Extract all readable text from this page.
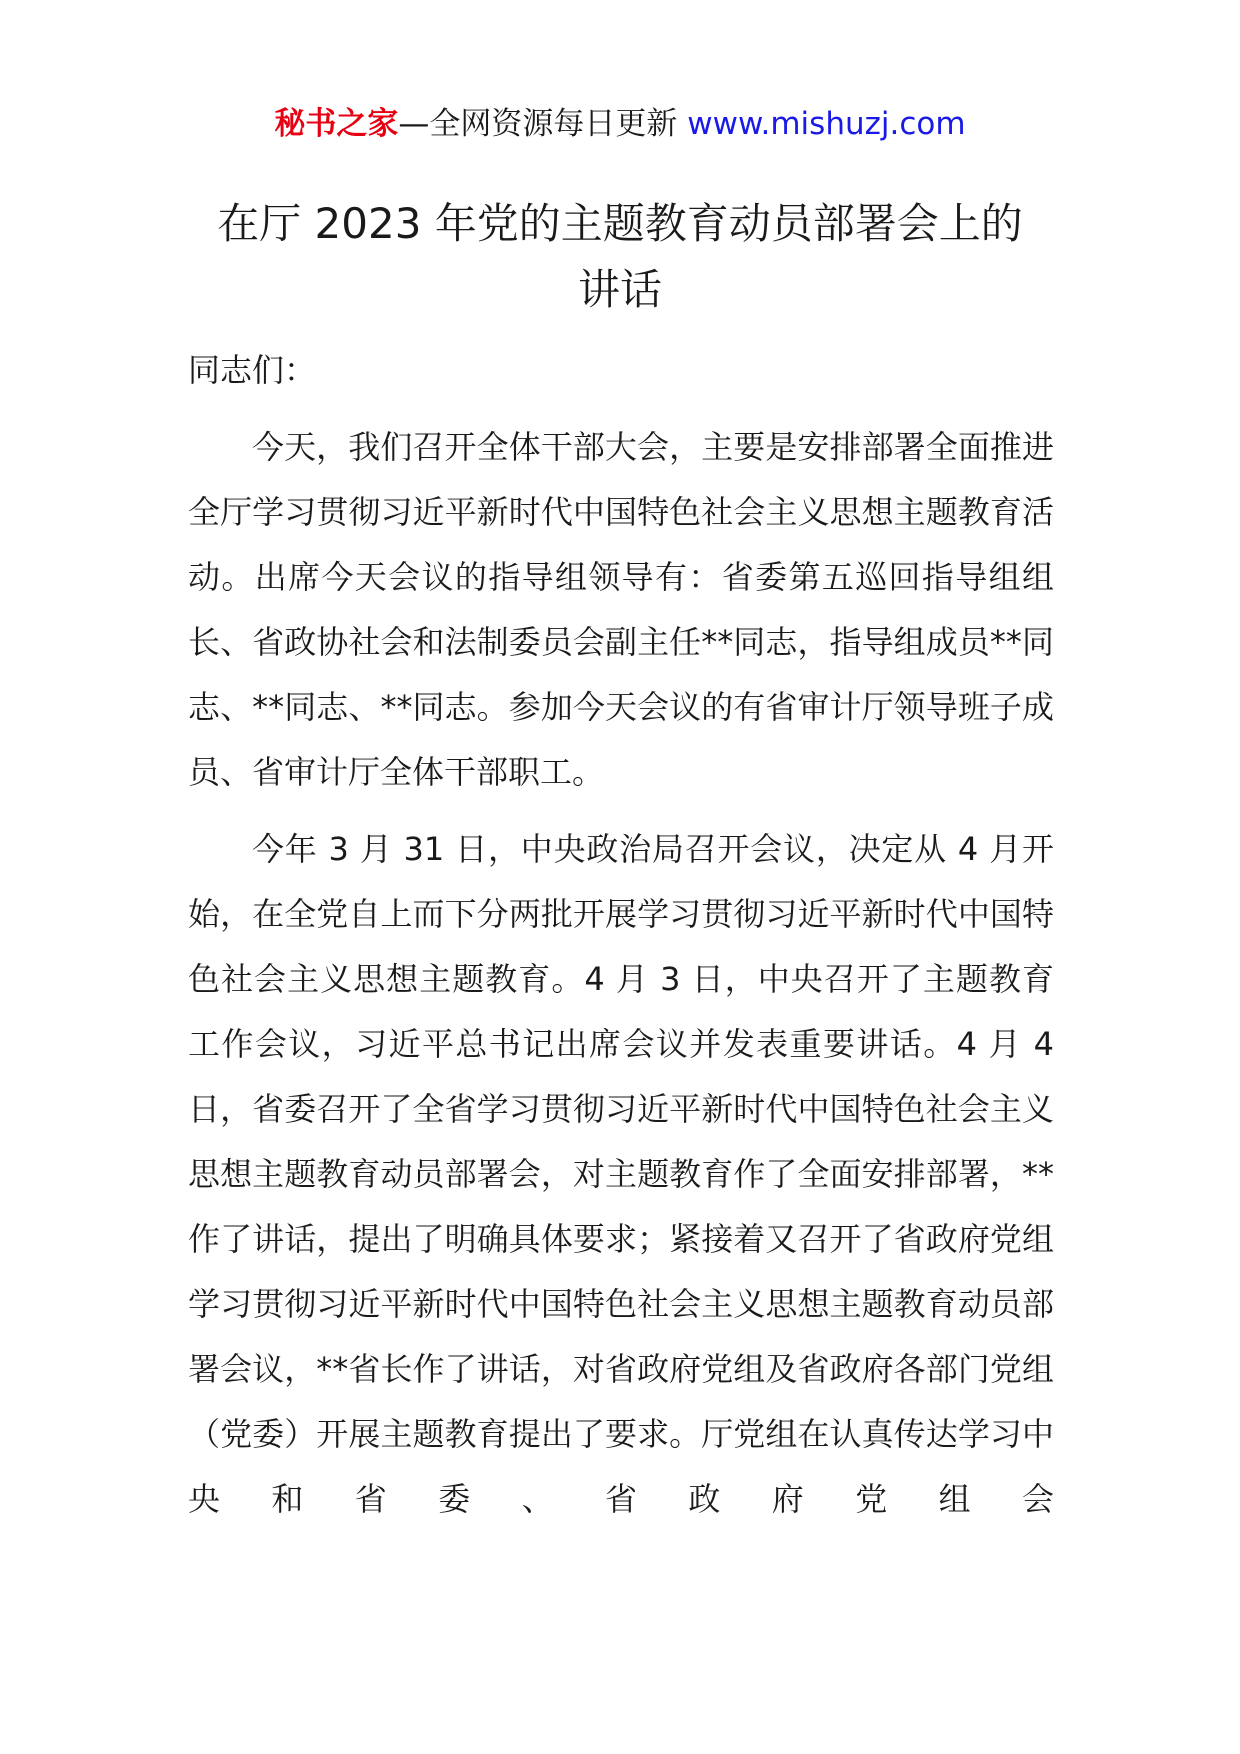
秘书之家—全网资源每日更新 www.mishuzj.com
在厅 2023 年党的主题教育动员部署会上的
讲话

同志们：

今天，我们召开全体干部大会，主要是安排部署全面推进全厅学习贯彻习近平新时代中国特色社会主义思想主题教育活动。出席今天会议的指导组领导有：省委第五巡回指导组组长、省政协社会和法制委员会副主任**同志，指导组成员**同志、**同志、**同志。参加今天会议的有省审计厅领导班子成员、省审计厅全体干部职工。

今年 3 月 31 日，中央政治局召开会议，决定从 4 月开始，在全党自上而下分两批开展学习贯彻习近平新时代中国特色社会主义思想主题教育。4 月 3 日，中央召开了主题教育工作会议，习近平总书记出席会议并发表重要讲话。4 月 4 日，省委召开了全省学习贯彻习近平新时代中国特色社会主义思想主题教育动员部署会，对主题教育作了全面安排部署，**作了讲话，提出了明确具体要求；紧接着又召开了省政府党组学习贯彻习近平新时代中国特色社会主义思想主题教育动员部署会议，**省长作了讲话，对省政府党组及省政府各部门党组（党委）开展主题教育提出了要求。厅党组在认真传达学习中央和省委、省政府党组会
